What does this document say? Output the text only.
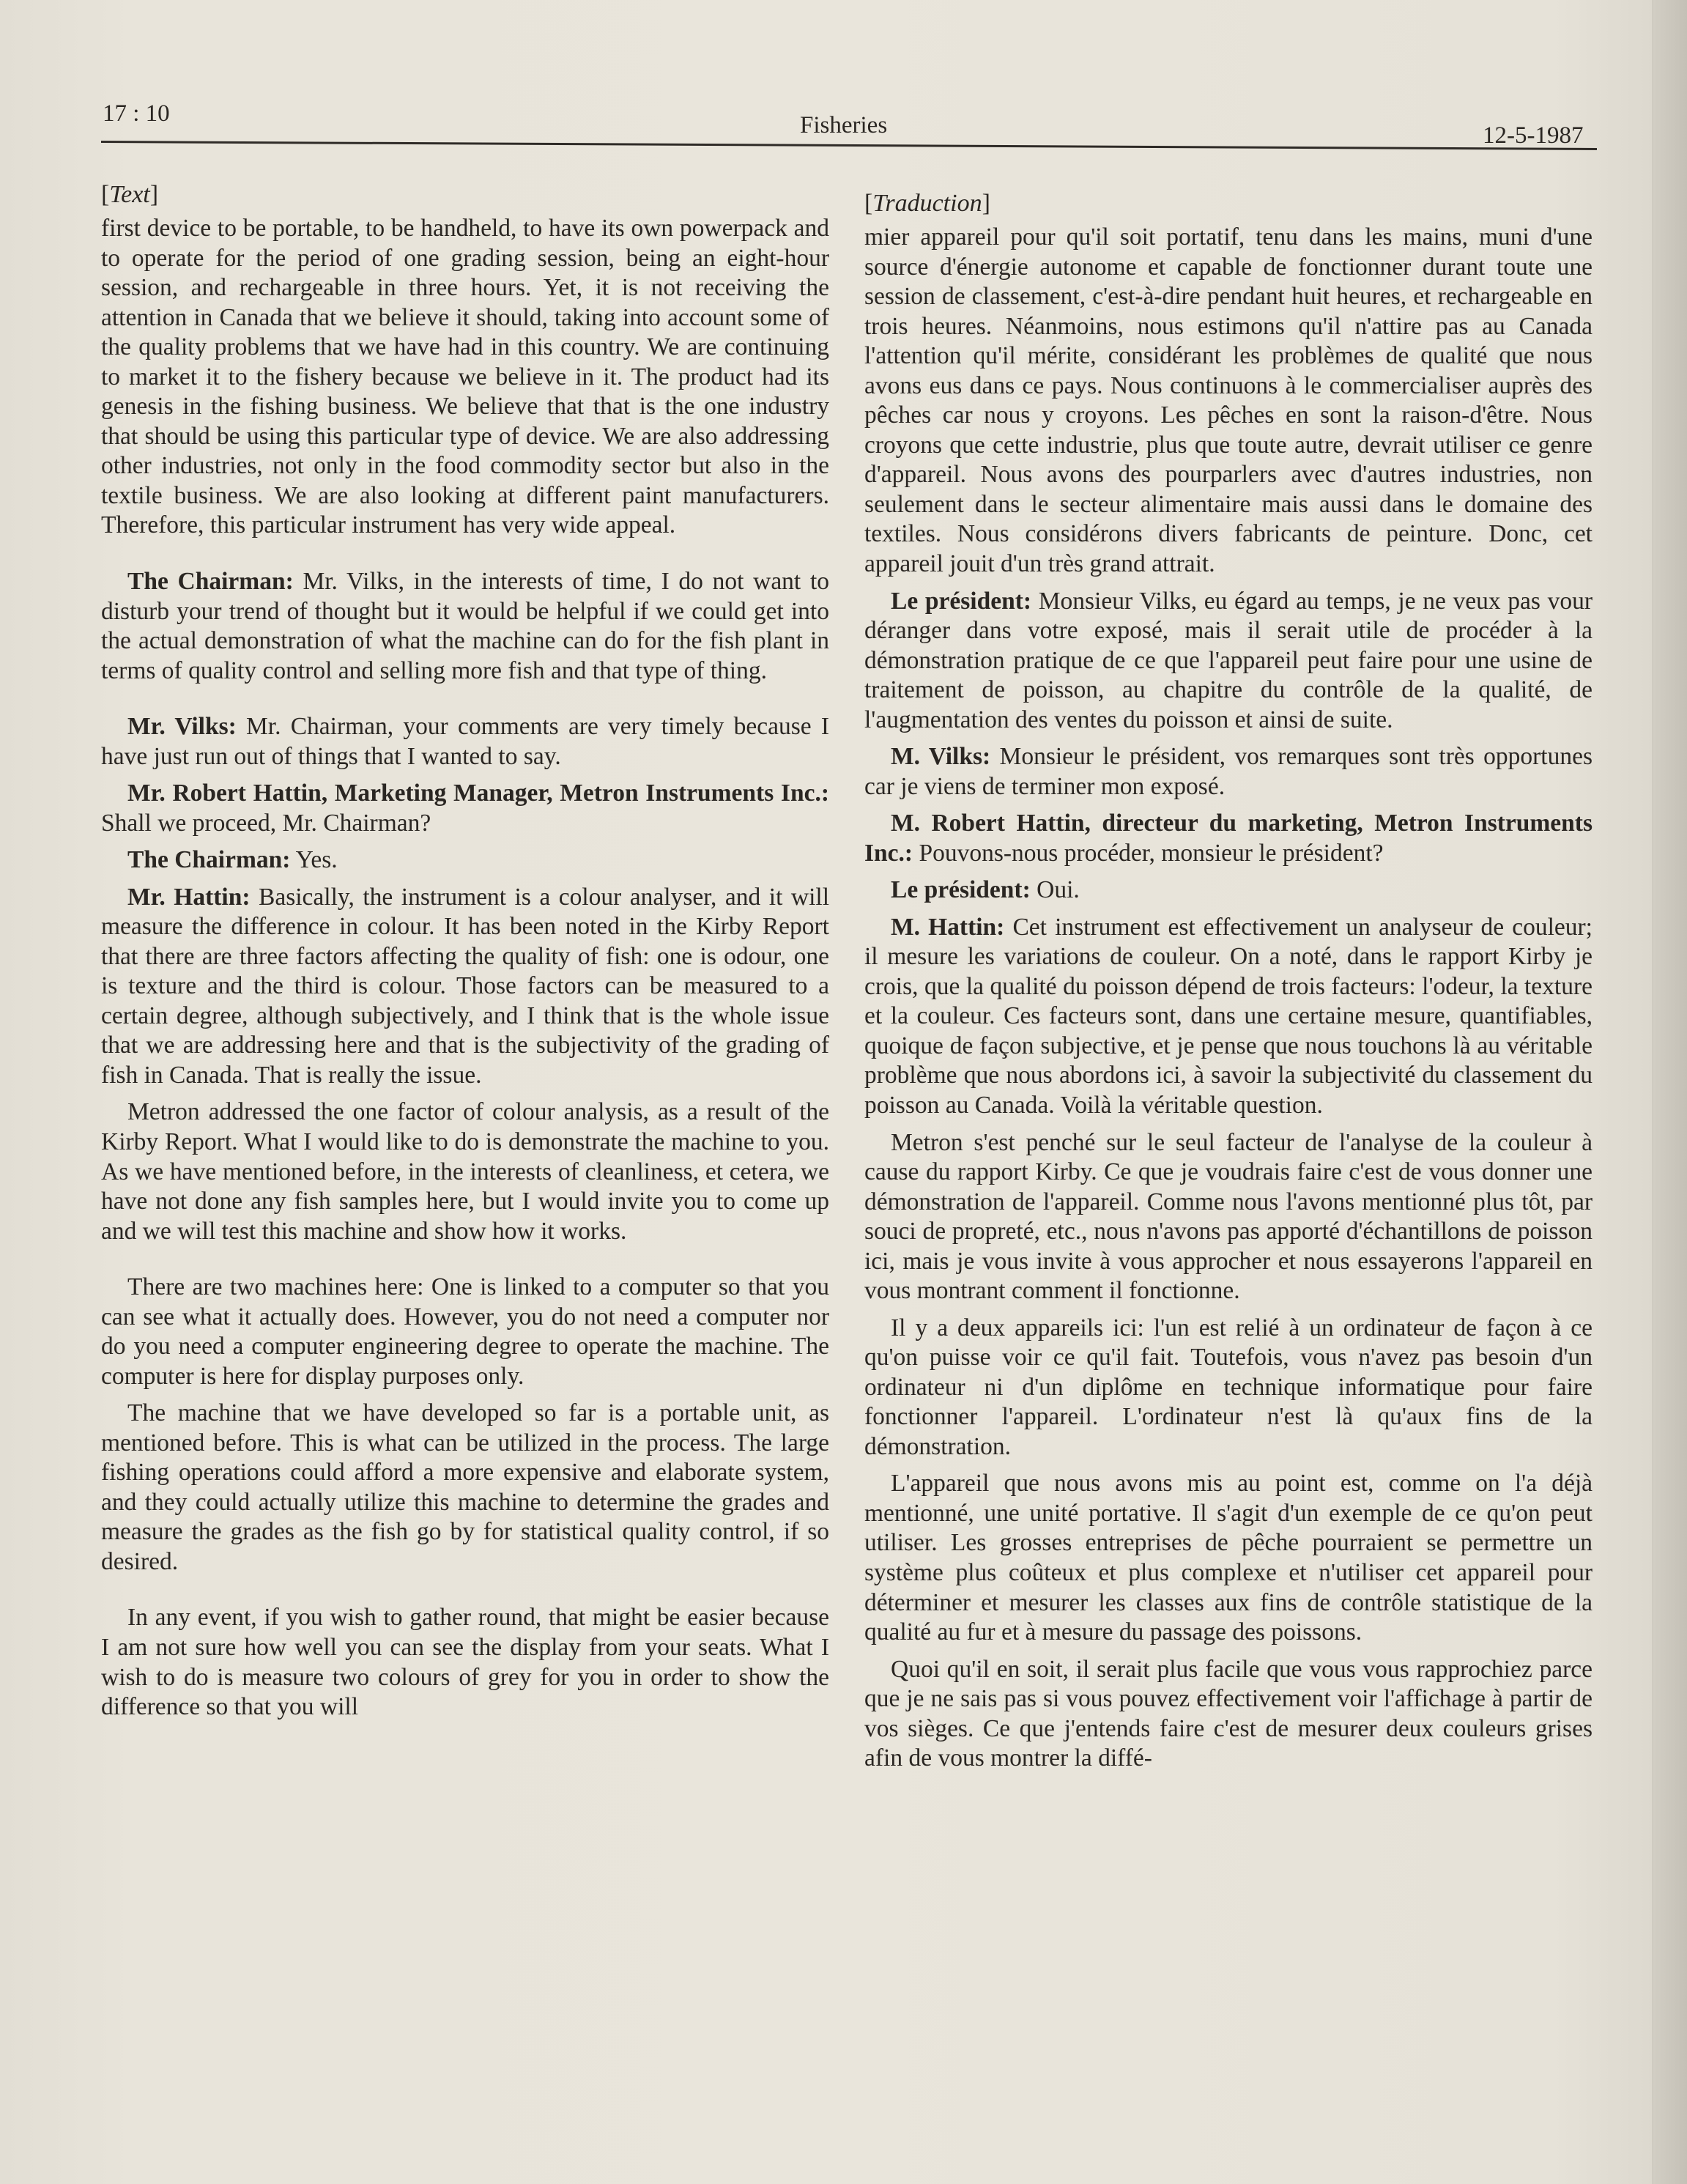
17 : 10	Fisheries	12-5-1987
[Text]

first device to be portable, to be handheld, to have its own powerpack and to operate for the period of one grading session, being an eight-hour session, and rechargeable in three hours. Yet, it is not receiving the attention in Canada that we believe it should, taking into account some of the quality problems that we have had in this country. We are continuing to market it to the fishery because we believe in it. The product had its genesis in the fishing business. We believe that that is the one industry that should be using this particular type of device. We are also addressing other industries, not only in the food commodity sector but also in the textile business. We are also looking at different paint manufacturers. Therefore, this particular instrument has very wide appeal.

The Chairman: Mr. Vilks, in the interests of time, I do not want to disturb your trend of thought but it would be helpful if we could get into the actual demonstration of what the machine can do for the fish plant in terms of quality control and selling more fish and that type of thing.

Mr. Vilks: Mr. Chairman, your comments are very timely because I have just run out of things that I wanted to say.

Mr. Robert Hattin, Marketing Manager, Metron Instruments Inc.: Shall we proceed, Mr. Chairman?

The Chairman: Yes.

Mr. Hattin: Basically, the instrument is a colour analyser, and it will measure the difference in colour. It has been noted in the Kirby Report that there are three factors affecting the quality of fish: one is odour, one is texture and the third is colour. Those factors can be measured to a certain degree, although subjectively, and I think that is the whole issue that we are addressing here and that is the subjectivity of the grading of fish in Canada. That is really the issue.

Metron addressed the one factor of colour analysis, as a result of the Kirby Report. What I would like to do is demonstrate the machine to you. As we have mentioned before, in the interests of cleanliness, et cetera, we have not done any fish samples here, but I would invite you to come up and we will test this machine and show how it works.

There are two machines here: One is linked to a computer so that you can see what it actually does. However, you do not need a computer nor do you need a computer engineering degree to operate the machine. The computer is here for display purposes only.

The machine that we have developed so far is a portable unit, as mentioned before. This is what can be utilized in the process. The large fishing operations could afford a more expensive and elaborate system, and they could actually utilize this machine to determine the grades and measure the grades as the fish go by for statistical quality control, if so desired.

In any event, if you wish to gather round, that might be easier because I am not sure how well you can see the display from your seats. What I wish to do is measure two colours of grey for you in order to show the difference so that you will

[Traduction]

mier appareil pour qu'il soit portatif, tenu dans les mains, muni d'une source d'énergie autonome et capable de fonctionner durant toute une session de classement, c'est-à-dire pendant huit heures, et rechargeable en trois heures. Néanmoins, nous estimons qu'il n'attire pas au Canada l'attention qu'il mérite, considérant les problèmes de qualité que nous avons eus dans ce pays. Nous continuons à le commercialiser auprès des pêches car nous y croyons. Les pêches en sont la raison-d'être. Nous croyons que cette industrie, plus que toute autre, devrait utiliser ce genre d'appareil. Nous avons des pourparlers avec d'autres industries, non seulement dans le secteur alimentaire mais aussi dans le domaine des textiles. Nous considérons divers fabricants de peinture. Donc, cet appareil jouit d'un très grand attrait.

Le président: Monsieur Vilks, eu égard au temps, je ne veux pas vour déranger dans votre exposé, mais il serait utile de procéder à la démonstration pratique de ce que l'appareil peut faire pour une usine de traitement de poisson, au chapitre du contrôle de la qualité, de l'augmentation des ventes du poisson et ainsi de suite.

M. Vilks: Monsieur le président, vos remarques sont très opportunes car je viens de terminer mon exposé.

M. Robert Hattin, directeur du marketing, Metron Instruments Inc.: Pouvons-nous procéder, monsieur le président?

Le président: Oui.

M. Hattin: Cet instrument est effectivement un analyseur de couleur; il mesure les variations de couleur. On a noté, dans le rapport Kirby je crois, que la qualité du poisson dépend de trois facteurs: l'odeur, la texture et la couleur. Ces facteurs sont, dans une certaine mesure, quantifiables, quoique de façon subjective, et je pense que nous touchons là au véritable problème que nous abordons ici, à savoir la subjectivité du classement du poisson au Canada. Voilà la véritable question.

Metron s'est penché sur le seul facteur de l'analyse de la couleur à cause du rapport Kirby. Ce que je voudrais faire c'est de vous donner une démonstration de l'appareil. Comme nous l'avons mentionné plus tôt, par souci de propreté, etc., nous n'avons pas apporté d'échantillons de poisson ici, mais je vous invite à vous approcher et nous essayerons l'appareil en vous montrant comment il fonctionne.

Il y a deux appareils ici: l'un est relié à un ordinateur de façon à ce qu'on puisse voir ce qu'il fait. Toutefois, vous n'avez pas besoin d'un ordinateur ni d'un diplôme en technique informatique pour faire fonctionner l'appareil. L'ordinateur n'est là qu'aux fins de la démonstration.

L'appareil que nous avons mis au point est, comme on l'a déjà mentionné, une unité portative. Il s'agit d'un exemple de ce qu'on peut utiliser. Les grosses entreprises de pêche pourraient se permettre un système plus coûteux et plus complexe et n'utiliser cet appareil pour déterminer et mesurer les classes aux fins de contrôle statistique de la qualité au fur et à mesure du passage des poissons.

Quoi qu'il en soit, il serait plus facile que vous vous rapprochiez parce que je ne sais pas si vous pouvez effectivement voir l'affichage à partir de vos sièges. Ce que j'entends faire c'est de mesurer deux couleurs grises afin de vous montrer la diffé-
